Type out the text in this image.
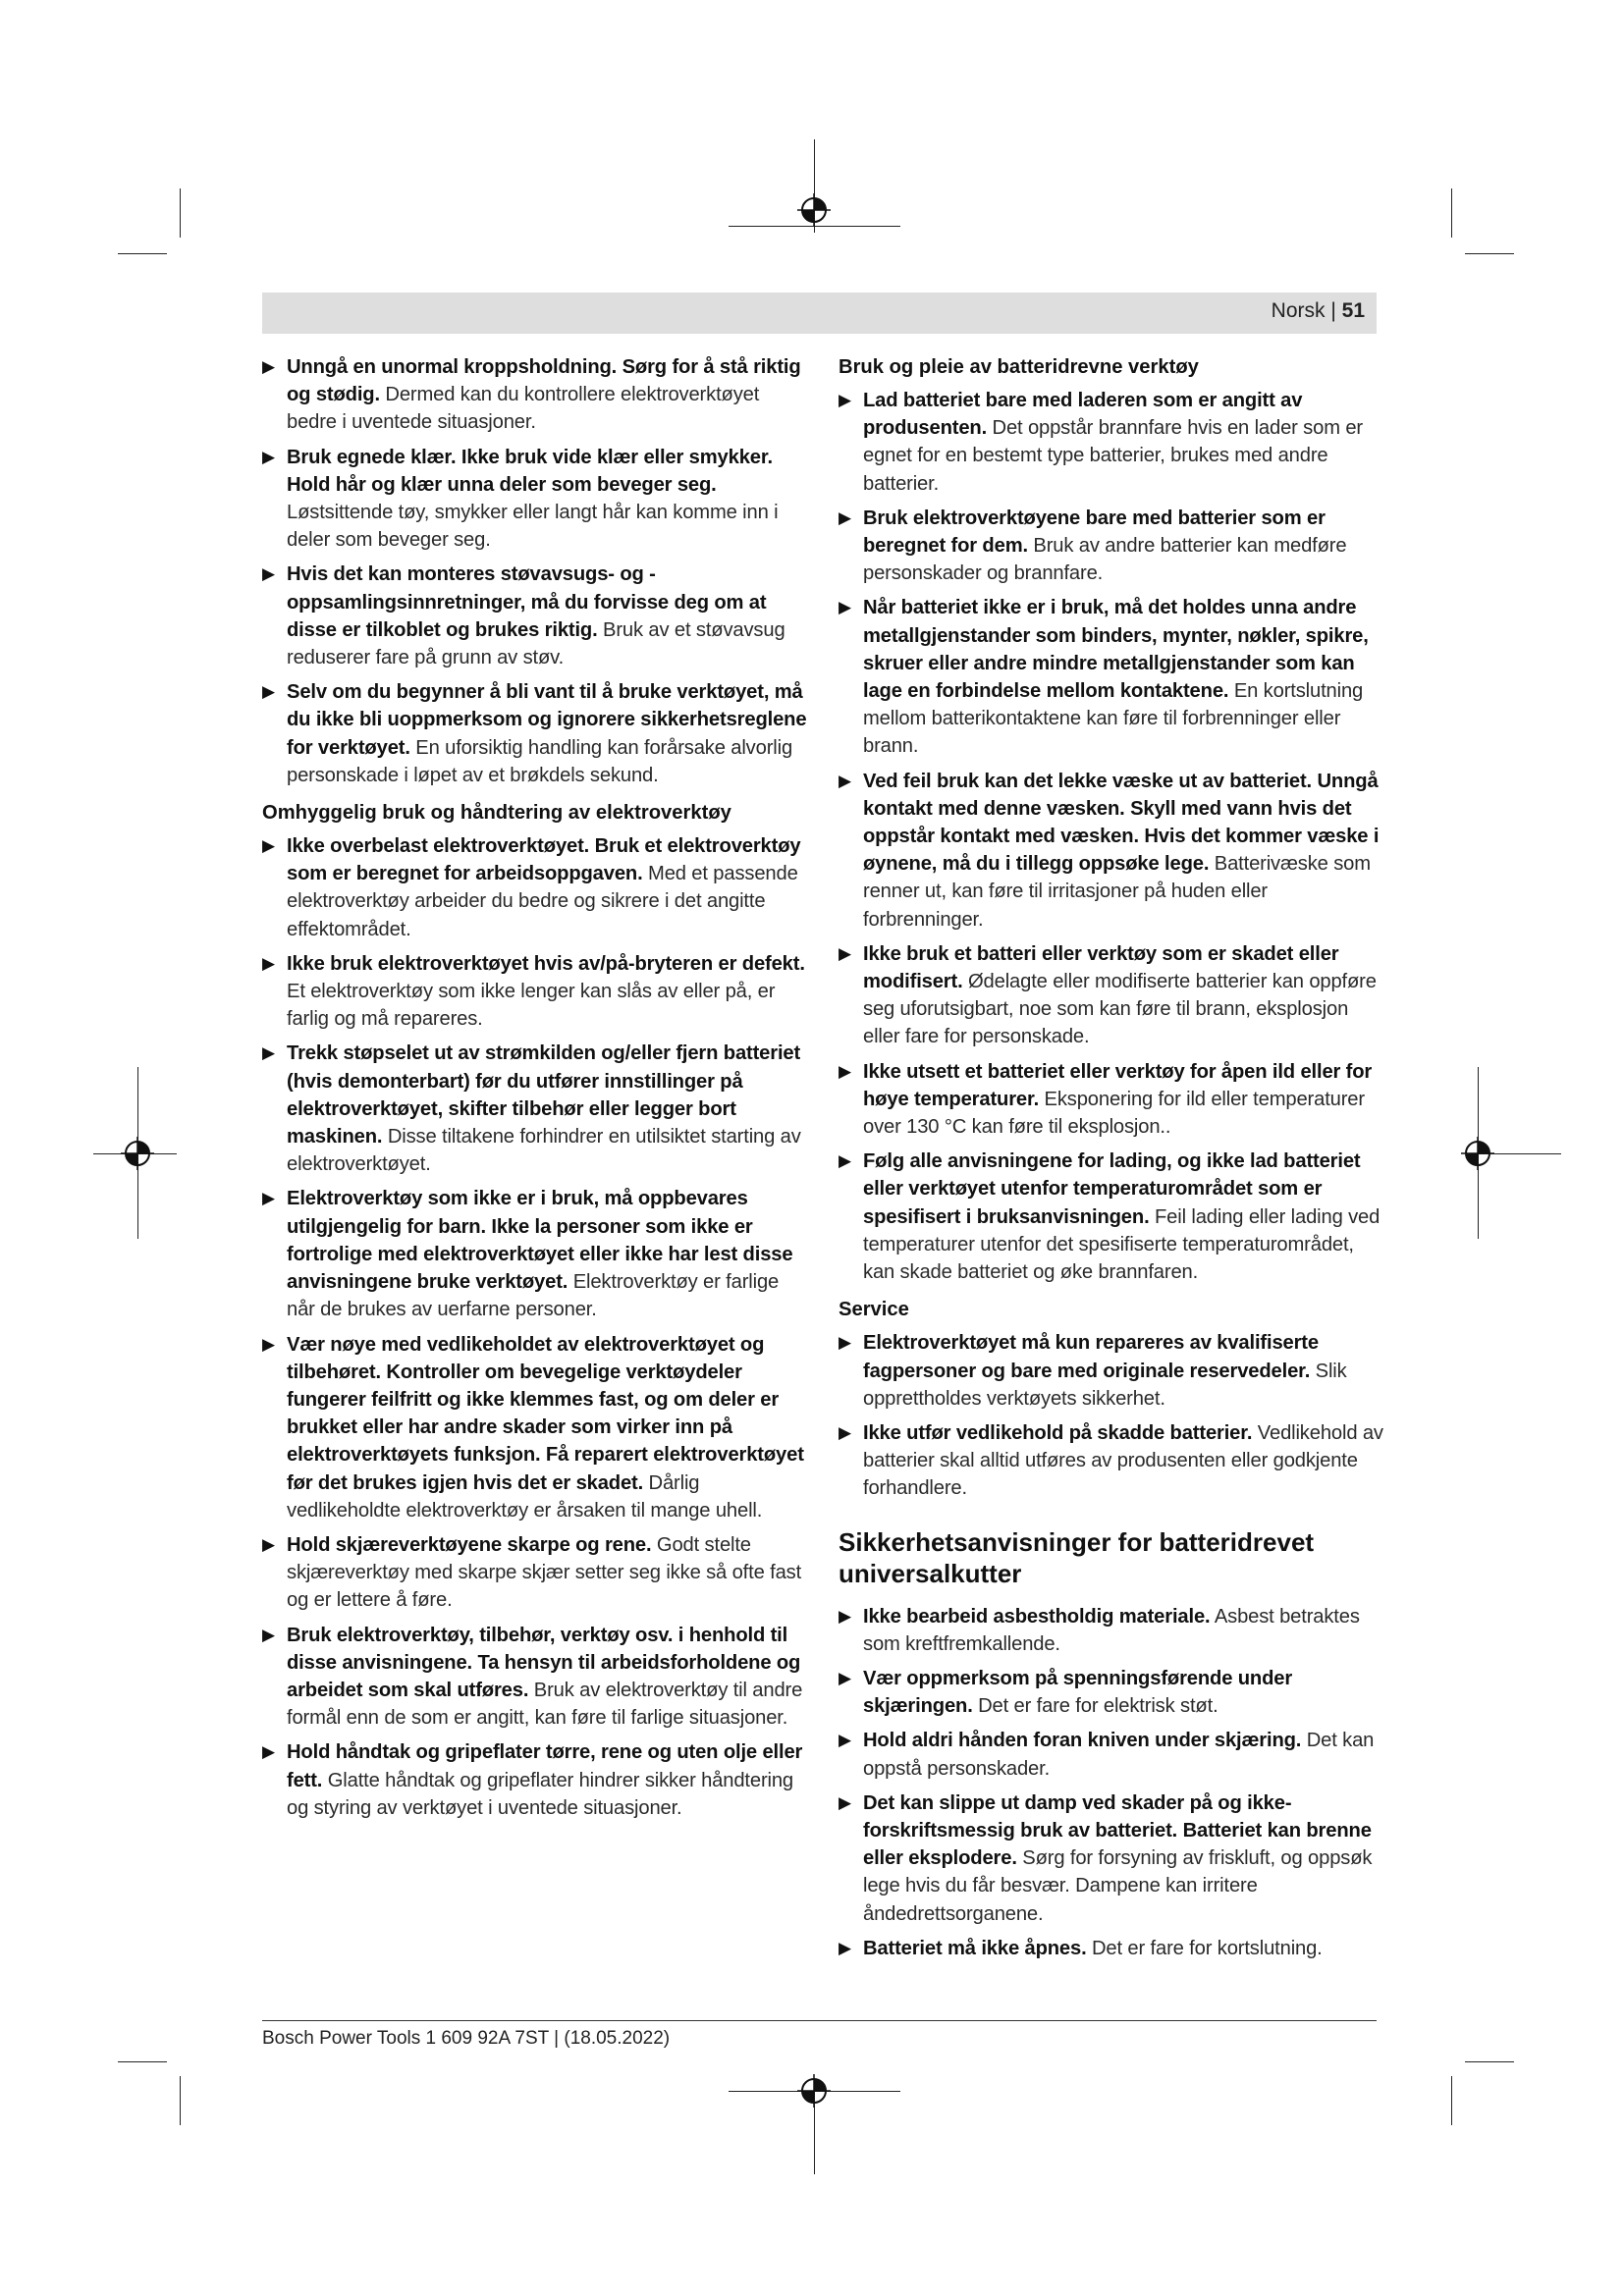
Norsk | 51
▶ Unngå en unormal kroppsholdning. Sørg for å stå riktig og stødig. Dermed kan du kontrollere elektroverktøyet bedre i uventede situasjoner.
▶ Bruk egnede klær. Ikke bruk vide klær eller smykker. Hold hår og klær unna deler som beveger seg. Løstsittende tøy, smykker eller langt hår kan komme inn i deler som beveger seg.
▶ Hvis det kan monteres støvavsugs- og -oppsamlingsinnretninger, må du forvisse deg om at disse er tilkoblet og brukes riktig. Bruk av et støvavsug reduserer fare på grunn av støv.
▶ Selv om du begynner å bli vant til å bruke verktøyet, må du ikke bli uoppmerksom og ignorere sikkerhetsreglene for verktøyet. En uforsiktig handling kan forårsake alvorlig personskade i løpet av et brøkdels sekund.
Omhyggelig bruk og håndtering av elektroverktøy
▶ Ikke overbelast elektroverktøyet. Bruk et elektroverktøy som er beregnet for arbeidsoppgaven. Med et passende elektroverktøy arbeider du bedre og sikrere i det angitte effektområdet.
▶ Ikke bruk elektroverktøyet hvis av/på-bryteren er defekt. Et elektroverktøy som ikke lenger kan slås av eller på, er farlig og må repareres.
▶ Trekk støpselet ut av strømkilden og/eller fjern batteriet (hvis demonterbart) før du utfører innstillinger på elektroverktøyet, skifter tilbehør eller legger bort maskinen. Disse tiltakene forhindrer en utilsiktet starting av elektroverktøyet.
▶ Elektroverktøy som ikke er i bruk, må oppbevares utilgjengelig for barn. Ikke la personer som ikke er fortrolige med elektroverktøyet eller ikke har lest disse anvisningene bruke verktøyet. Elektroverktøy er farlige når de brukes av uerfarne personer.
▶ Vær nøye med vedlikeholdet av elektroverktøyet og tilbehøret. Kontroller om bevegelige verktøydeler fungerer feilfritt og ikke klemmes fast, og om deler er brukket eller har andre skader som virker inn på elektroverktøyets funksjon. Få reparert elektroverktøyet før det brukes igjen hvis det er skadet. Dårlig vedlikeholdte elektroverktøy er årsaken til mange uhell.
▶ Hold skjæreverktøyene skarpe og rene. Godt stelte skjæreverktøy med skarpe skjær setter seg ikke så ofte fast og er lettere å føre.
▶ Bruk elektroverktøy, tilbehør, verktøy osv. i henhold til disse anvisningene. Ta hensyn til arbeidsforholdene og arbeidet som skal utføres. Bruk av elektroverktøy til andre formål enn de som er angitt, kan føre til farlige situasjoner.
▶ Hold håndtak og gripeflater tørre, rene og uten olje eller fett. Glatte håndtak og gripeflater hindrer sikker håndtering og styring av verktøyet i uventede situasjoner.
Bruk og pleie av batteridrevne verktøy
▶ Lad batteriet bare med laderen som er angitt av produsenten. Det oppstår brannfare hvis en lader som er egnet for en bestemt type batterier, brukes med andre batterier.
▶ Bruk elektroverktøyene bare med batterier som er beregnet for dem. Bruk av andre batterier kan medføre personskader og brannfare.
▶ Når batteriet ikke er i bruk, må det holdes unna andre metallgjenstander som binders, mynter, nøkler, spikre, skruer eller andre mindre metallgjenstander som kan lage en forbindelse mellom kontaktene. En kortslutning mellom batterikontaktene kan føre til forbrenninger eller brann.
▶ Ved feil bruk kan det lekke væske ut av batteriet. Unngå kontakt med denne væsken. Skyll med vann hvis det oppstår kontakt med væsken. Hvis det kommer væske i øynene, må du i tillegg oppsøke lege. Batterivæske som renner ut, kan føre til irritasjoner på huden eller forbrenninger.
▶ Ikke bruk et batteri eller verktøy som er skadet eller modifisert. Ødelagte eller modifiserte batterier kan oppføre seg uforutsigbart, noe som kan føre til brann, eksplosjon eller fare for personskade.
▶ Ikke utsett et batteriet eller verktøy for åpen ild eller for høye temperaturer. Eksponering for ild eller temperaturer over 130 °C kan føre til eksplosjon..
▶ Følg alle anvisningene for lading, og ikke lad batteriet eller verktøyet utenfor temperaturområdet som er spesifisert i bruksanvisningen. Feil lading eller lading ved temperaturer utenfor det spesifiserte temperaturområdet, kan skade batteriet og øke brannfaren.
Service
▶ Elektroverktøyet må kun repareres av kvalifiserte fagpersoner og bare med originale reservedeler. Slik opprettholdes verktøyets sikkerhet.
▶ Ikke utfør vedlikehold på skadde batterier. Vedlikehold av batterier skal alltid utføres av produsenten eller godkjente forhandlere.
Sikkerhetsanvisninger for batteridrevet universalkutter
▶ Ikke bearbeid asbestholdig materiale. Asbest betraktes som kreftfremkallende.
▶ Vær oppmerksom på spenningsførende under skjæringen. Det er fare for elektrisk støt.
▶ Hold aldri hånden foran kniven under skjæring. Det kan oppstå personskader.
▶ Det kan slippe ut damp ved skader på og ikke-forskriftsmessig bruk av batteriet. Batteriet kan brenne eller eksplodere. Sørg for forsyning av friskluft, og oppsøk lege hvis du får besvær. Dampene kan irritere åndedrettsorganene.
▶ Batteriet må ikke åpnes. Det er fare for kortslutning.
Bosch Power Tools 1 609 92A 7ST | (18.05.2022)
